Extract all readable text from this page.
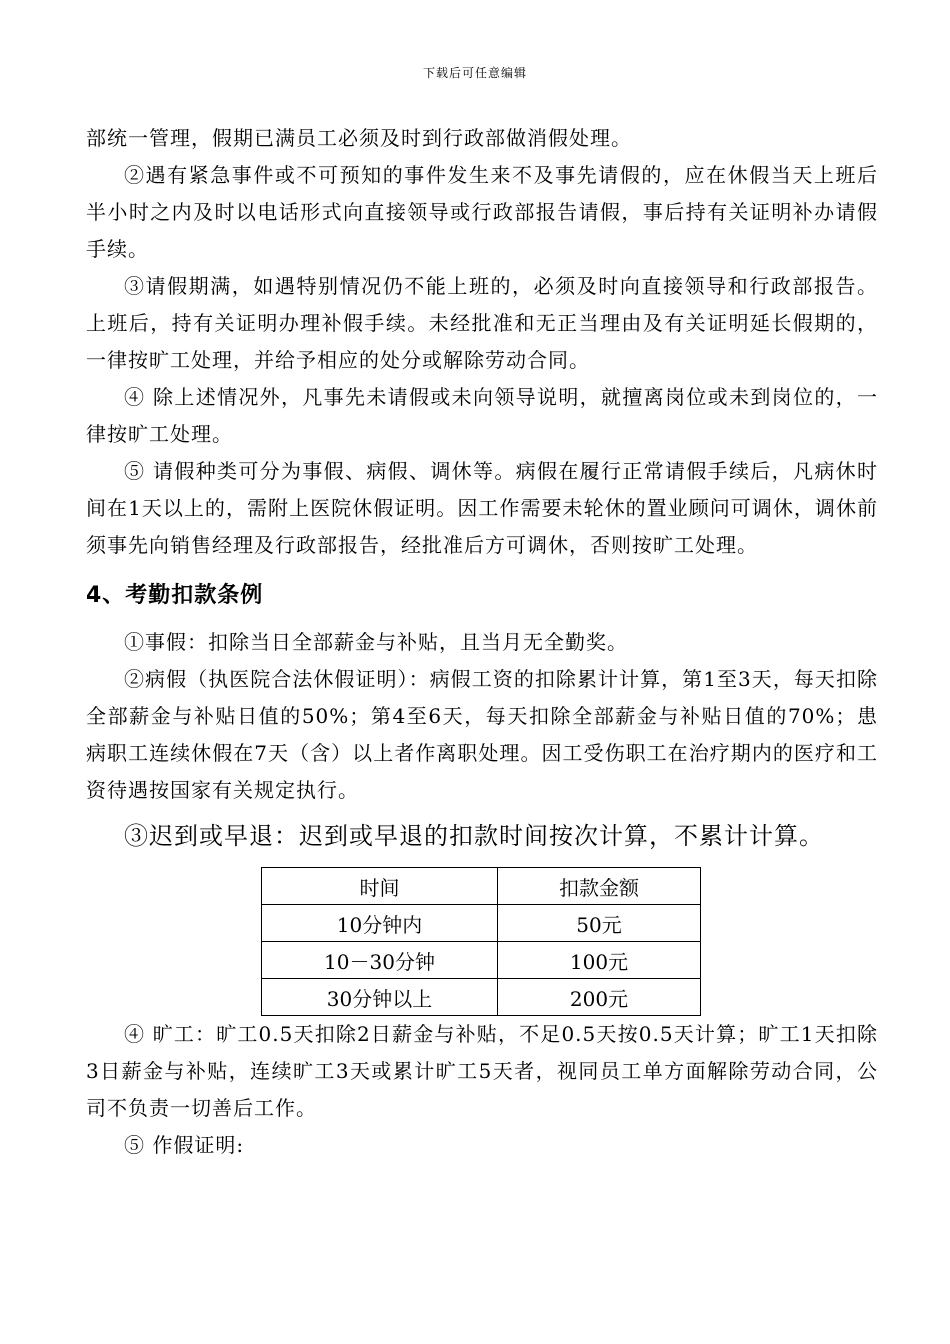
下载后可任意编辑

部统一管理，假期已满员工必须及时到行政部做消假处理。

②遇有紧急事件或不可预知的事件发生来不及事先请假的，应在休假当天上班后半小时之内及时以电话形式向直接领导或行政部报告请假，事后持有关证明补办请假手续。

③请假期满，如遇特别情况仍不能上班的，必须及时向直接领导和行政部报告。上班后，持有关证明办理补假手续。未经批准和无正当理由及有关证明延长假期的，一律按旷工处理，并给予相应的处分或解除劳动合同。

④ 除上述情况外，凡事先未请假或未向领导说明，就擅离岗位或未到岗位的，一律按旷工处理。

⑤ 请假种类可分为事假、病假、调休等。病假在履行正常请假手续后，凡病休时间在1天以上的，需附上医院休假证明。因工作需要未轮休的置业顾问可调休，调休前须事先向销售经理及行政部报告，经批准后方可调休，否则按旷工处理。

4、考勤扣款条例

①事假：扣除当日全部薪金与补贴，且当月无全勤奖。

②病假（执医院合法休假证明）：病假工资的扣除累计计算，第1至3天，每天扣除全部薪金与补贴日值的50%；第4至6天，每天扣除全部薪金与补贴日值的70%；患病职工连续休假在7天（含）以上者作离职处理。因工受伤职工在治疗期内的医疗和工资待遇按国家有关规定执行。

③迟到或早退：迟到或早退的扣款时间按次计算，不累计计算。

时间	扣款金额
10分钟内	50元
10－30分钟	100元
30分钟以上	200元

④ 旷工：旷工0.5天扣除2日薪金与补贴，不足0.5天按0.5天计算；旷工1天扣除3日薪金与补贴，连续旷工3天或累计旷工5天者，视同员工单方面解除劳动合同，公司不负责一切善后工作。

⑤ 作假证明:
